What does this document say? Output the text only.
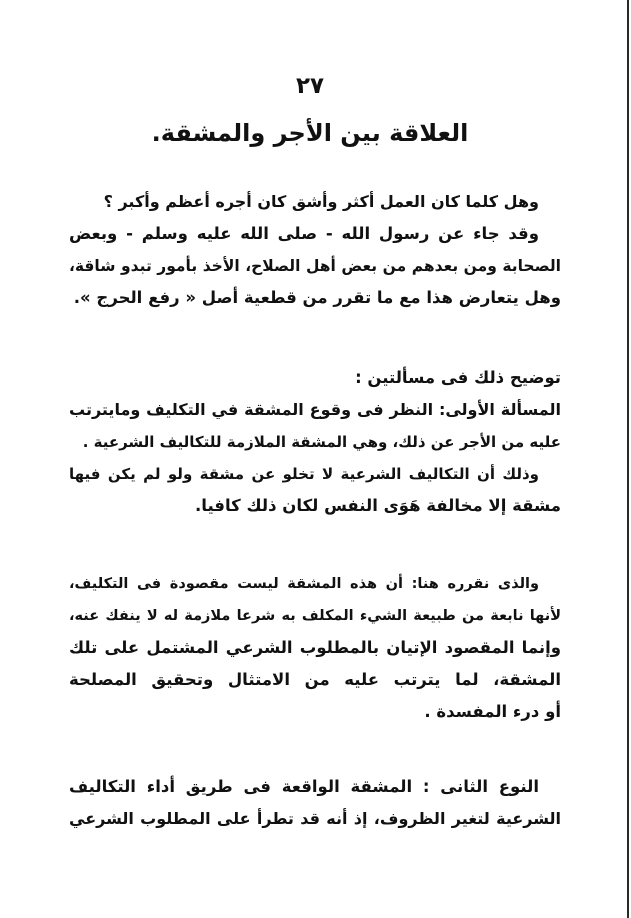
٢٧
العلاقة بين الأجر والمشقة.
وهل كلما كان العمل أكثر وأشق كان أجره أعظم وأكبر ؟
وقد جاء عن رسول الله - صلى الله عليه وسلم - وبعض
الصحابة ومن بعدهم من بعض أهل الصلاح، الأخذ بأمور تبدو شاقة،
وهل يتعارض هذا مع ما تقرر من قطعية أصل « رفع الحرج ».
توضيح ذلك فى مسألتين :
المسألة الأولى: النظر فى وقوع المشقة في التكليف ومايترتب
عليه من الأجر عن ذلك، وهي المشقة الملازمة للتكاليف الشرعية .
وذلك أن التكاليف الشرعية لا تخلو عن مشقة ولو لم يكن فيها
مشقة إلا مخالفة هَوَى النفس لكان ذلك كافيا.
والذى نقرره هنا: أن هذه المشقة ليست مقصودة فى التكليف،
لأنها نابعة من طبيعة الشيء المكلف به شرعا ملازمة له لا ينفك عنه،
وإنما المقصود الإتيان بالمطلوب الشرعي المشتمل على تلك
المشقة، لما يترتب عليه من الامتثال وتحقيق المصلحة
أو درء المفسدة .
النوع الثانى : المشقة الواقعة فى طريق أداء التكاليف
الشرعية لتغير الظروف، إذ أنه قد تطرأ على المطلوب الشرعي
